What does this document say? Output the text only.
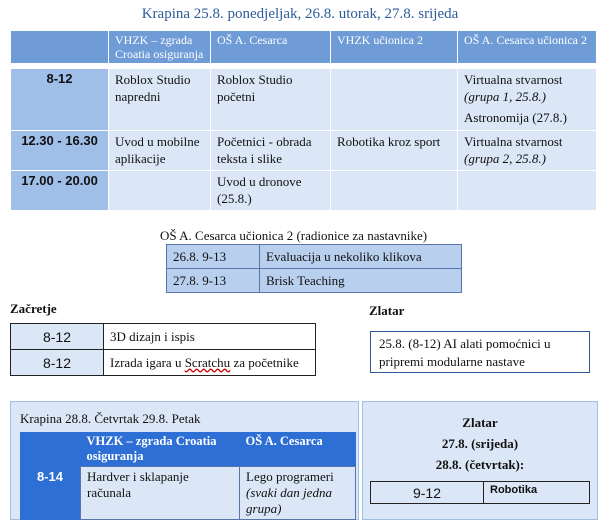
Krapina 25.8. ponedjeljak, 26.8. utorak, 27.8. srijeda
	VHZK – zgrada Croatia osiguranja	OŠ A. Cesarca	VHZK učionica 2	OŠ A. Cesarca učionica 2

8-12	Roblox Studio napredni	Roblox Studio početni		Virtualna stvarnost
(grupa 1, 25.8.)
Astronomija (27.8.)

12.30 - 16.30	Uvod u mobilne aplikacije	Početnici - obrada teksta i slike	Robotika kroz sport	Virtualna stvarnost
(grupa 2, 25.8.)

17.00 - 20.00		Uvod u dronove (25.8.)		
OŠ A. Cesarca učionica 2 (radionice za nastavnike)
26.8. 9-13	Evaluacija u nekoliko klikova
27.8. 9-13	Brisk Teaching
Začretje
8-12	3D dizajn i ispis
8-12	Izrada igara u Scratchu za početnike
Zlatar
25.8. (8-12) AI alati pomoćnici u pripremi modularne nastave
Krapina 28.8. Četvrtak 29.8. Petak
	VHZK – zgrada Croatia osiguranja	OŠ A. Cesarca
8-14	Hardver i sklapanje računala	Lego programeri
(svaki dan jedna grupa)
Zlatar
27.8. (srijeda)
28.8. (četvrtak):
9-12	Robotika
